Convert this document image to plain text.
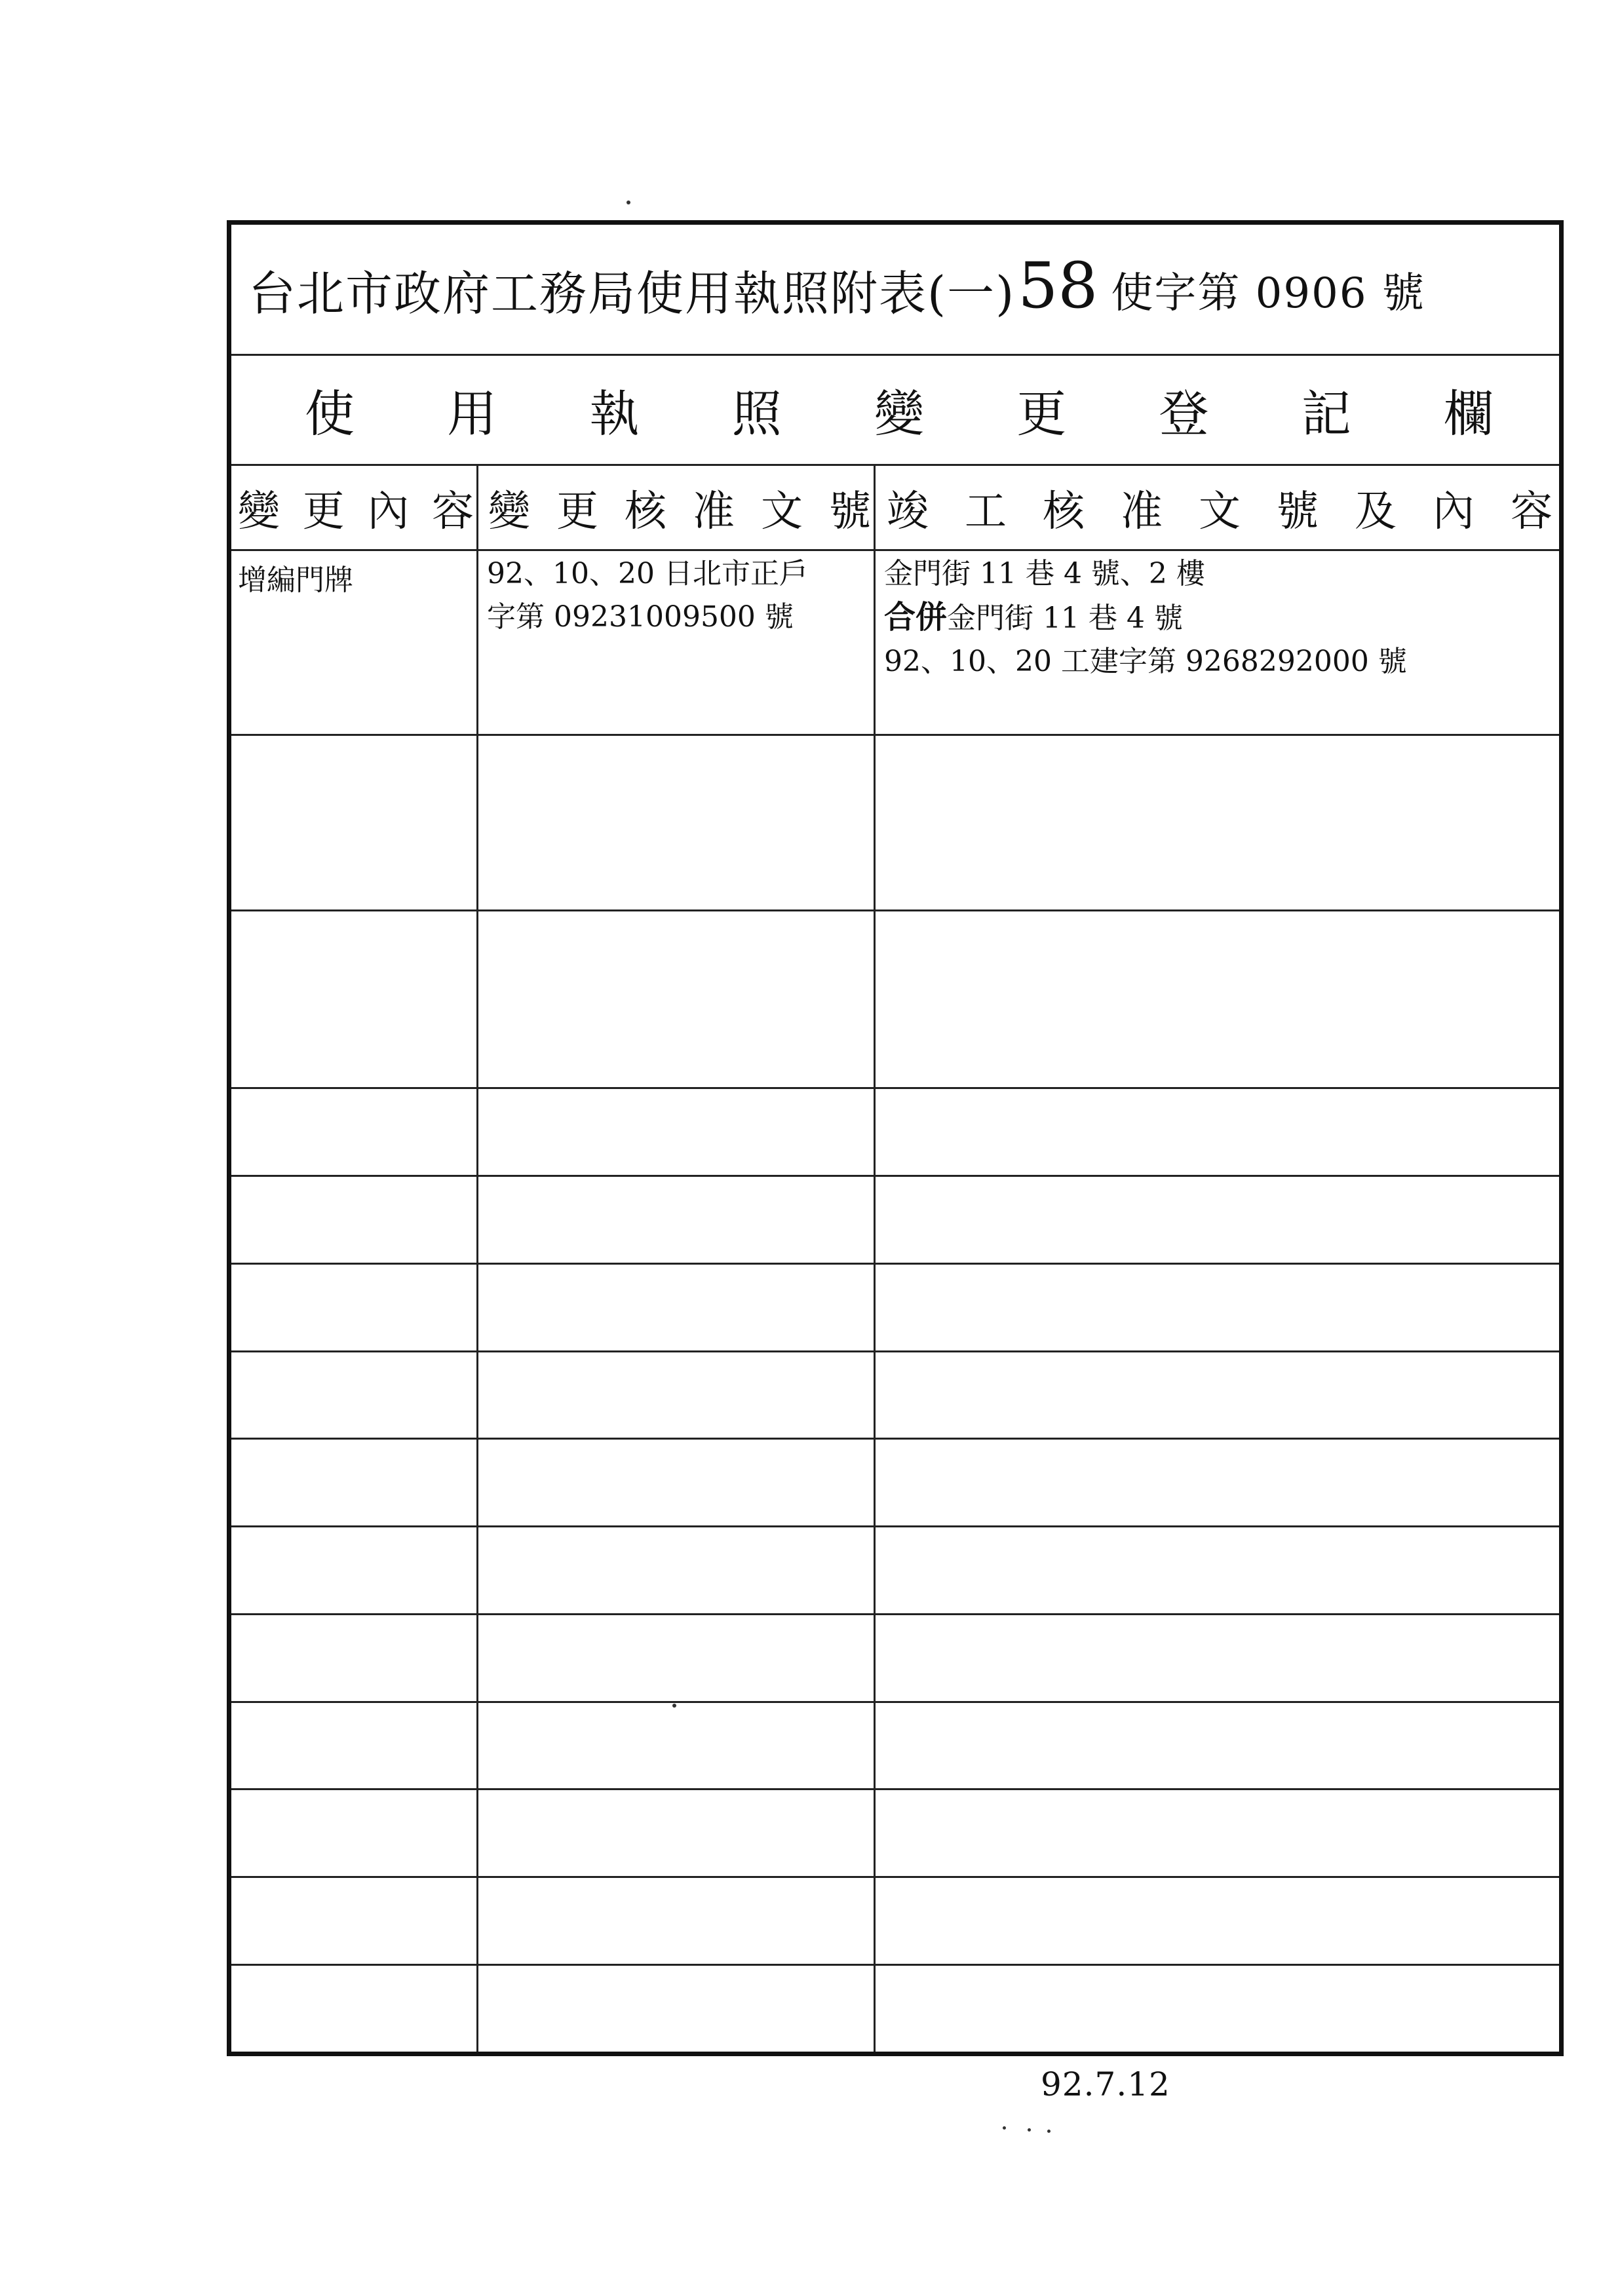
台北市政府工務局使用執照附表(一) 58 使字第 0906 號
使 用 執 照 變 更 登 記 欄
變 更 內 容 變 更 核 准 文 號 竣 工 核 准 文 號 及 內 容
增編門牌	92、10、20 日北市正戶
字第 09231009500 號
金門街 11 巷 4 號、2 樓
合併金門街 11 巷 4 號
92、10、20 工建字第 9268292000 號
92.7.12
